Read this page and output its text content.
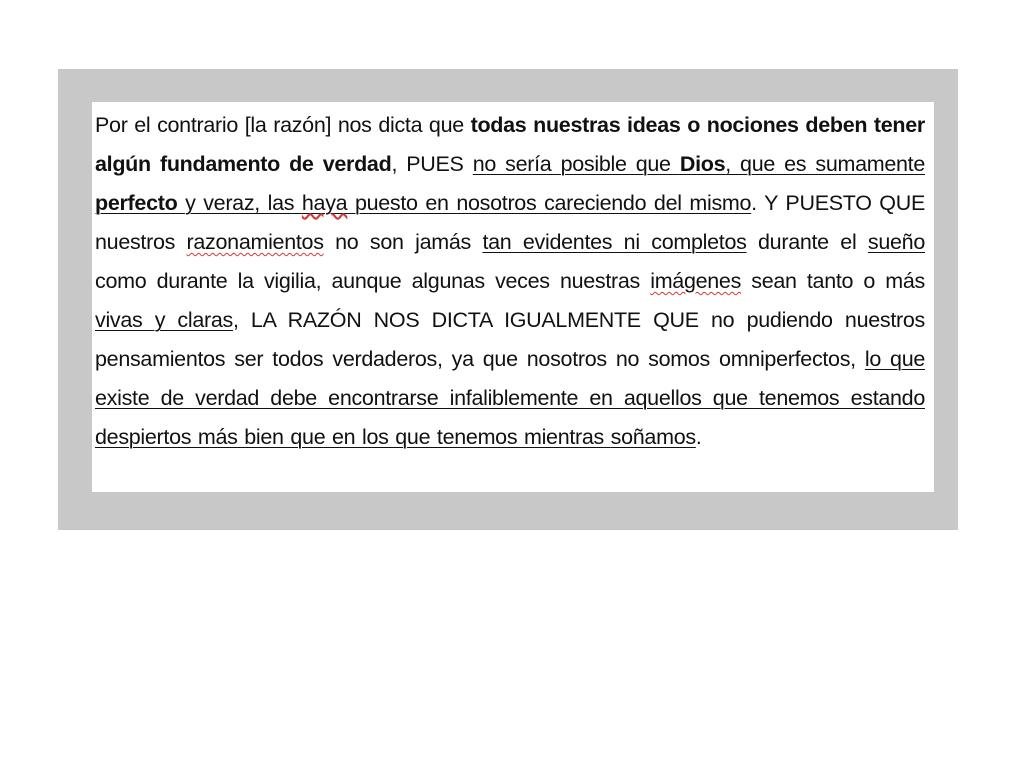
Por el contrario [la razón] nos dicta que todas nuestras ideas o nociones deben tener algún fundamento de verdad, PUES no sería posible que Dios, que es sumamente perfecto y veraz, las haya puesto en nosotros careciendo del mismo. Y PUESTO QUE nuestros razonamientos no son jamás tan evidentes ni completos durante el sueño como durante la vigilia, aunque algunas veces nuestras imágenes sean tanto o más vivas y claras, LA RAZÓN NOS DICTA IGUALMENTE QUE no pudiendo nuestros pensamientos ser todos verdaderos, ya que nosotros no somos omniperfectos, lo que existe de verdad debe encontrarse infaliblemente en aquellos que tenemos estando despiertos más bien que en los que tenemos mientras soñamos.
